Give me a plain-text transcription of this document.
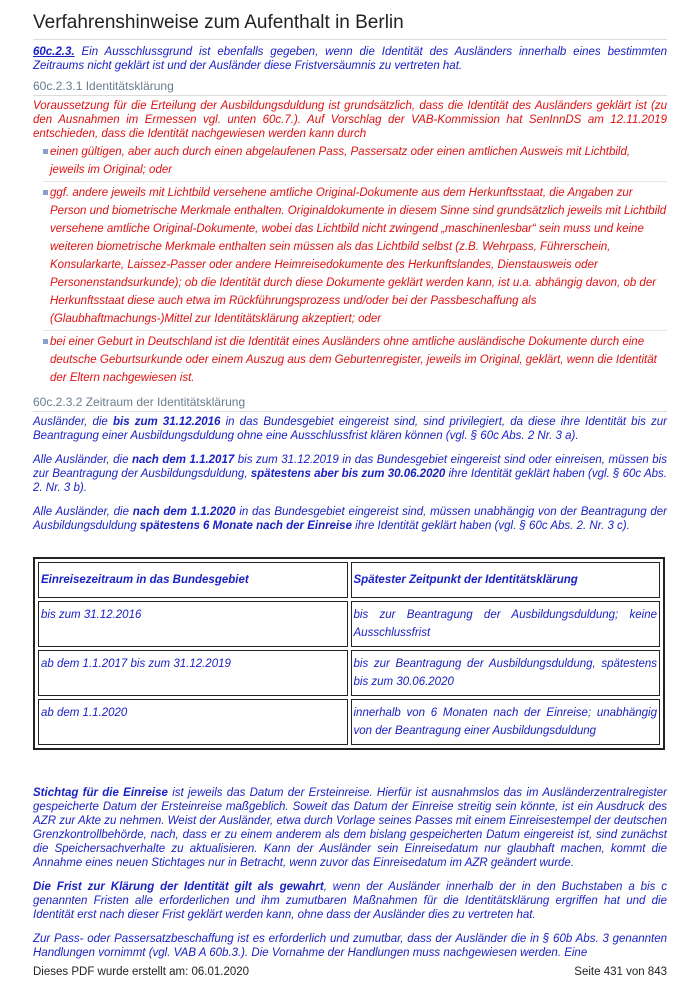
Verfahrenshinweise zum Aufenthalt in Berlin

60c.2.3. Ein Ausschlussgrund ist ebenfalls gegeben, wenn die Identität des Ausländers innerhalb eines bestimmten Zeitraums nicht geklärt ist und der Ausländer diese Fristversäumnis zu vertreten hat.

60c.2.3.1 Identitätsklärung

Voraussetzung für die Erteilung der Ausbildungsduldung ist grundsätzlich, dass die Identität des Ausländers geklärt ist (zu den Ausnahmen im Ermessen vgl. unten 60c.7.). Auf Vorschlag der VAB-Kommission hat SenInnDS am 12.11.2019 entschieden, dass die Identität nachgewiesen werden kann durch

einen gültigen, aber auch durch einen abgelaufenen Pass, Passersatz oder einen amtlichen Ausweis mit Lichtbild, jeweils im Original; oder
ggf. andere jeweils mit Lichtbild versehene amtliche Original-Dokumente aus dem Herkunftsstaat, die Angaben zur Person und biometrische Merkmale enthalten. Originaldokumente in diesem Sinne sind grundsätzlich jeweils mit Lichtbild versehene amtliche Original-Dokumente, wobei das Lichtbild nicht zwingend „maschinenlesbar“ sein muss und keine weiteren biometrische Merkmale enthalten sein müssen als das Lichtbild selbst (z.B. Wehrpass, Führerschein, Konsularkarte, Laissez-Passer oder andere Heimreisedokumente des Herkunftslandes, Dienstausweis oder Personenstandsurkunde); ob die Identität durch diese Dokumente geklärt werden kann, ist u.a. abhängig davon, ob der Herkunftsstaat diese auch etwa im Rückführungsprozess und/oder bei der Passbeschaffung als (Glaubhaftmachungs-)Mittel zur Identitätsklärung akzeptiert; oder
bei einer Geburt in Deutschland ist die Identität eines Ausländers ohne amtliche ausländische Dokumente durch eine deutsche Geburtsurkunde oder einem Auszug aus dem Geburtenregister, jeweils im Original, geklärt, wenn die Identität der Eltern nachgewiesen ist.
60c.2.3.2 Zeitraum der Identitätsklärung

Ausländer, die bis zum 31.12.2016 in das Bundesgebiet eingereist sind, sind privilegiert, da diese ihre Identität bis zur Beantragung einer Ausbildungsduldung ohne eine Ausschlussfrist klären können (vgl. § 60c Abs. 2 Nr. 3 a).

Alle Ausländer, die nach dem 1.1.2017 bis zum 31.12.2019 in das Bundesgebiet eingereist sind oder einreisen, müssen bis zur Beantragung der Ausbildungsduldung, spätestens aber bis zum 30.06.2020 ihre Identität geklärt haben (vgl. § 60c Abs. 2. Nr. 3 b).

Alle Ausländer, die nach dem 1.1.2020 in das Bundesgebiet eingereist sind, müssen unabhängig von der Beantragung der Ausbildungsduldung spätestens 6 Monate nach der Einreise ihre Identität geklärt haben (vgl. § 60c Abs. 2. Nr. 3 c).

Einreisezeitraum in das Bundesgebiet	Spätester Zeitpunkt der Identitätsklärung
bis zum 31.12.2016	bis zur Beantragung der Ausbildungsduldung; keine Ausschlussfrist
ab dem 1.1.2017 bis zum 31.12.2019	bis zur Beantragung der Ausbildungsduldung, spätestens bis zum 30.06.2020
ab dem 1.1.2020	innerhalb von 6 Monaten nach der Einreise; unabhängig von der Beantragung einer Ausbildungsduldung

Stichtag für die Einreise ist jeweils das Datum der Ersteinreise. Hierfür ist ausnahmslos das im Ausländerzentralregister gespeicherte Datum der Ersteinreise maßgeblich. Soweit das Datum der Einreise streitig sein könnte, ist ein Ausdruck des AZR zur Akte zu nehmen. Weist der Ausländer, etwa durch Vorlage seines Passes mit einem Einreisestempel der deutschen Grenzkontrollbehörde, nach, dass er zu einem anderem als dem bislang gespeicherten Datum eingereist ist, sind zunächst die Speichersachverhalte zu aktualisieren. Kann der Ausländer sein Einreisedatum nur glaubhaft machen, kommt die Annahme eines neuen Stichtages nur in Betracht, wenn zuvor das Einreisedatum im AZR geändert wurde.

Die Frist zur Klärung der Identität gilt als gewahrt, wenn der Ausländer innerhalb der in den Buchstaben a bis c genannten Fristen alle erforderlichen und ihm zumutbaren Maßnahmen für die Identitätsklärung ergriffen hat und die Identität erst nach dieser Frist geklärt werden kann, ohne dass der Ausländer dies zu vertreten hat.

Zur Pass- oder Passersatzbeschaffung ist es erforderlich und zumutbar, dass der Ausländer die in § 60b Abs. 3 genannten Handlungen vornimmt (vgl. VAB A 60b.3.). Die Vornahme der Handlungen muss nachgewiesen werden. Eine

Dieses PDF wurde erstellt am: 06.01.2020	Seite 431 von 843
